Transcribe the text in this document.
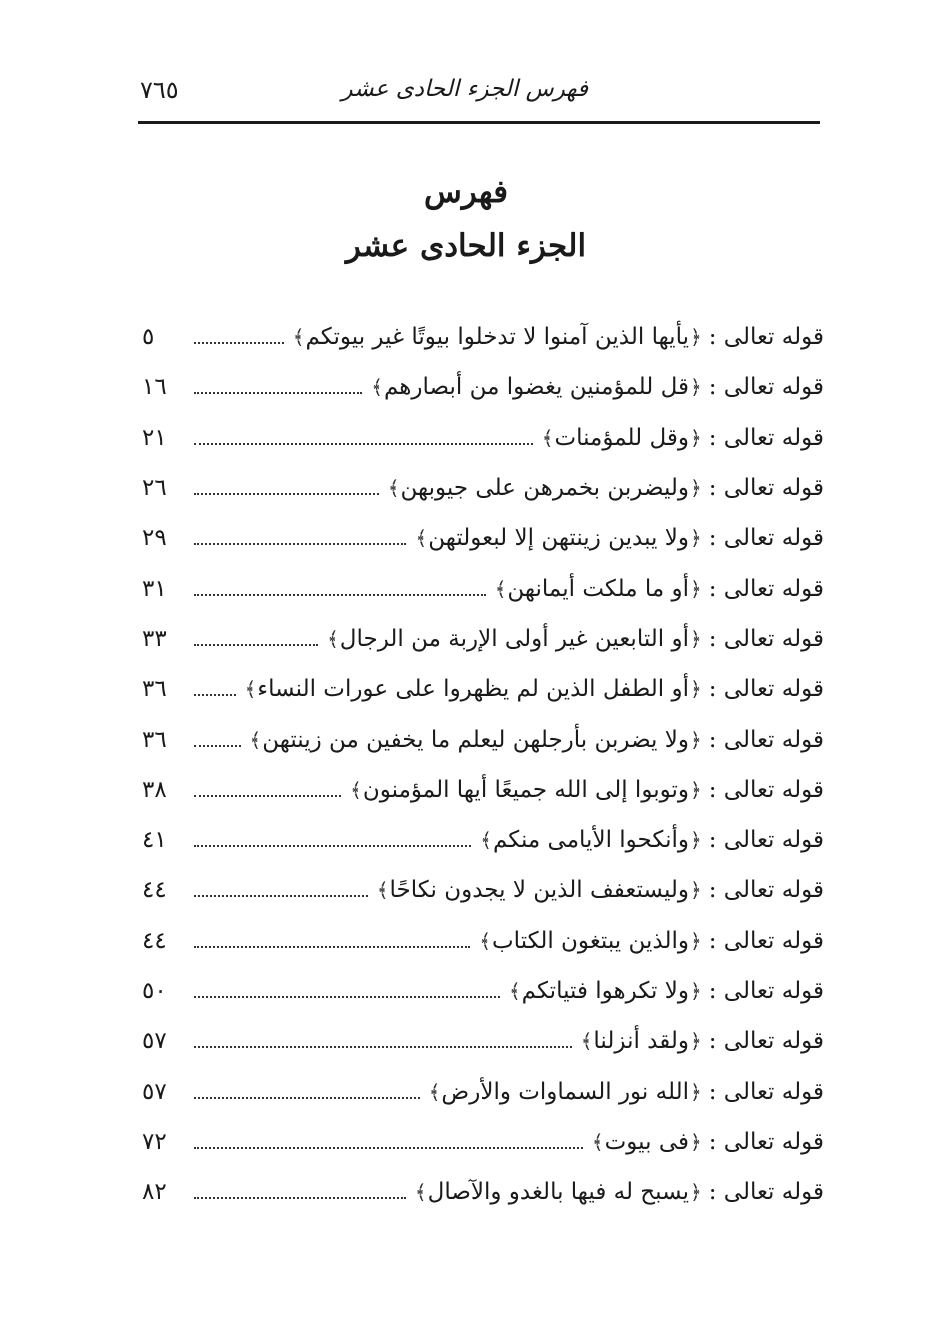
فهرس الجزء الحادى عشر
٧٦٥
فهرس
الجزء الحادى عشر
٥	﴿يأيها الذين آمنوا لا تدخلوا بيوتًا غير بيوتكم﴾	قوله تعالى :
١٦	﴿قل للمؤمنين يغضوا من أبصارهم﴾	قوله تعالى :
٢١	﴿وقل للمؤمنات﴾	قوله تعالى :
٢٦	﴿وليضربن بخمرهن على جيوبهن﴾	قوله تعالى :
٢٩	﴿ولا يبدين زينتهن إلا لبعولتهن﴾	قوله تعالى :
٣١	﴿أو ما ملكت أيمانهن﴾	قوله تعالى :
٣٣	﴿أو التابعين غير أولى الإربة من الرجال﴾	قوله تعالى :
٣٦	﴿أو الطفل الذين لم يظهروا على عورات النساء﴾	قوله تعالى :
٣٦	﴿ولا يضربن بأرجلهن ليعلم ما يخفين من زينتهن﴾	قوله تعالى :
٣٨	﴿وتوبوا إلى الله جميعًا أيها المؤمنون﴾	قوله تعالى :
٤١	﴿وأنكحوا الأيامى منكم﴾	قوله تعالى :
٤٤	﴿وليستعفف الذين لا يجدون نكاحًا﴾	قوله تعالى :
٤٤	﴿والذين يبتغون الكتاب﴾	قوله تعالى :
٥٠	﴿ولا تكرهوا فتياتكم﴾	قوله تعالى :
٥٧	﴿ولقد أنزلنا﴾	قوله تعالى :
٥٧	﴿الله نور السماوات والأرض﴾	قوله تعالى :
٧٢	﴿فى بيوت﴾	قوله تعالى :
٨٢	﴿يسبح له فيها بالغدو والآصال﴾	قوله تعالى :
